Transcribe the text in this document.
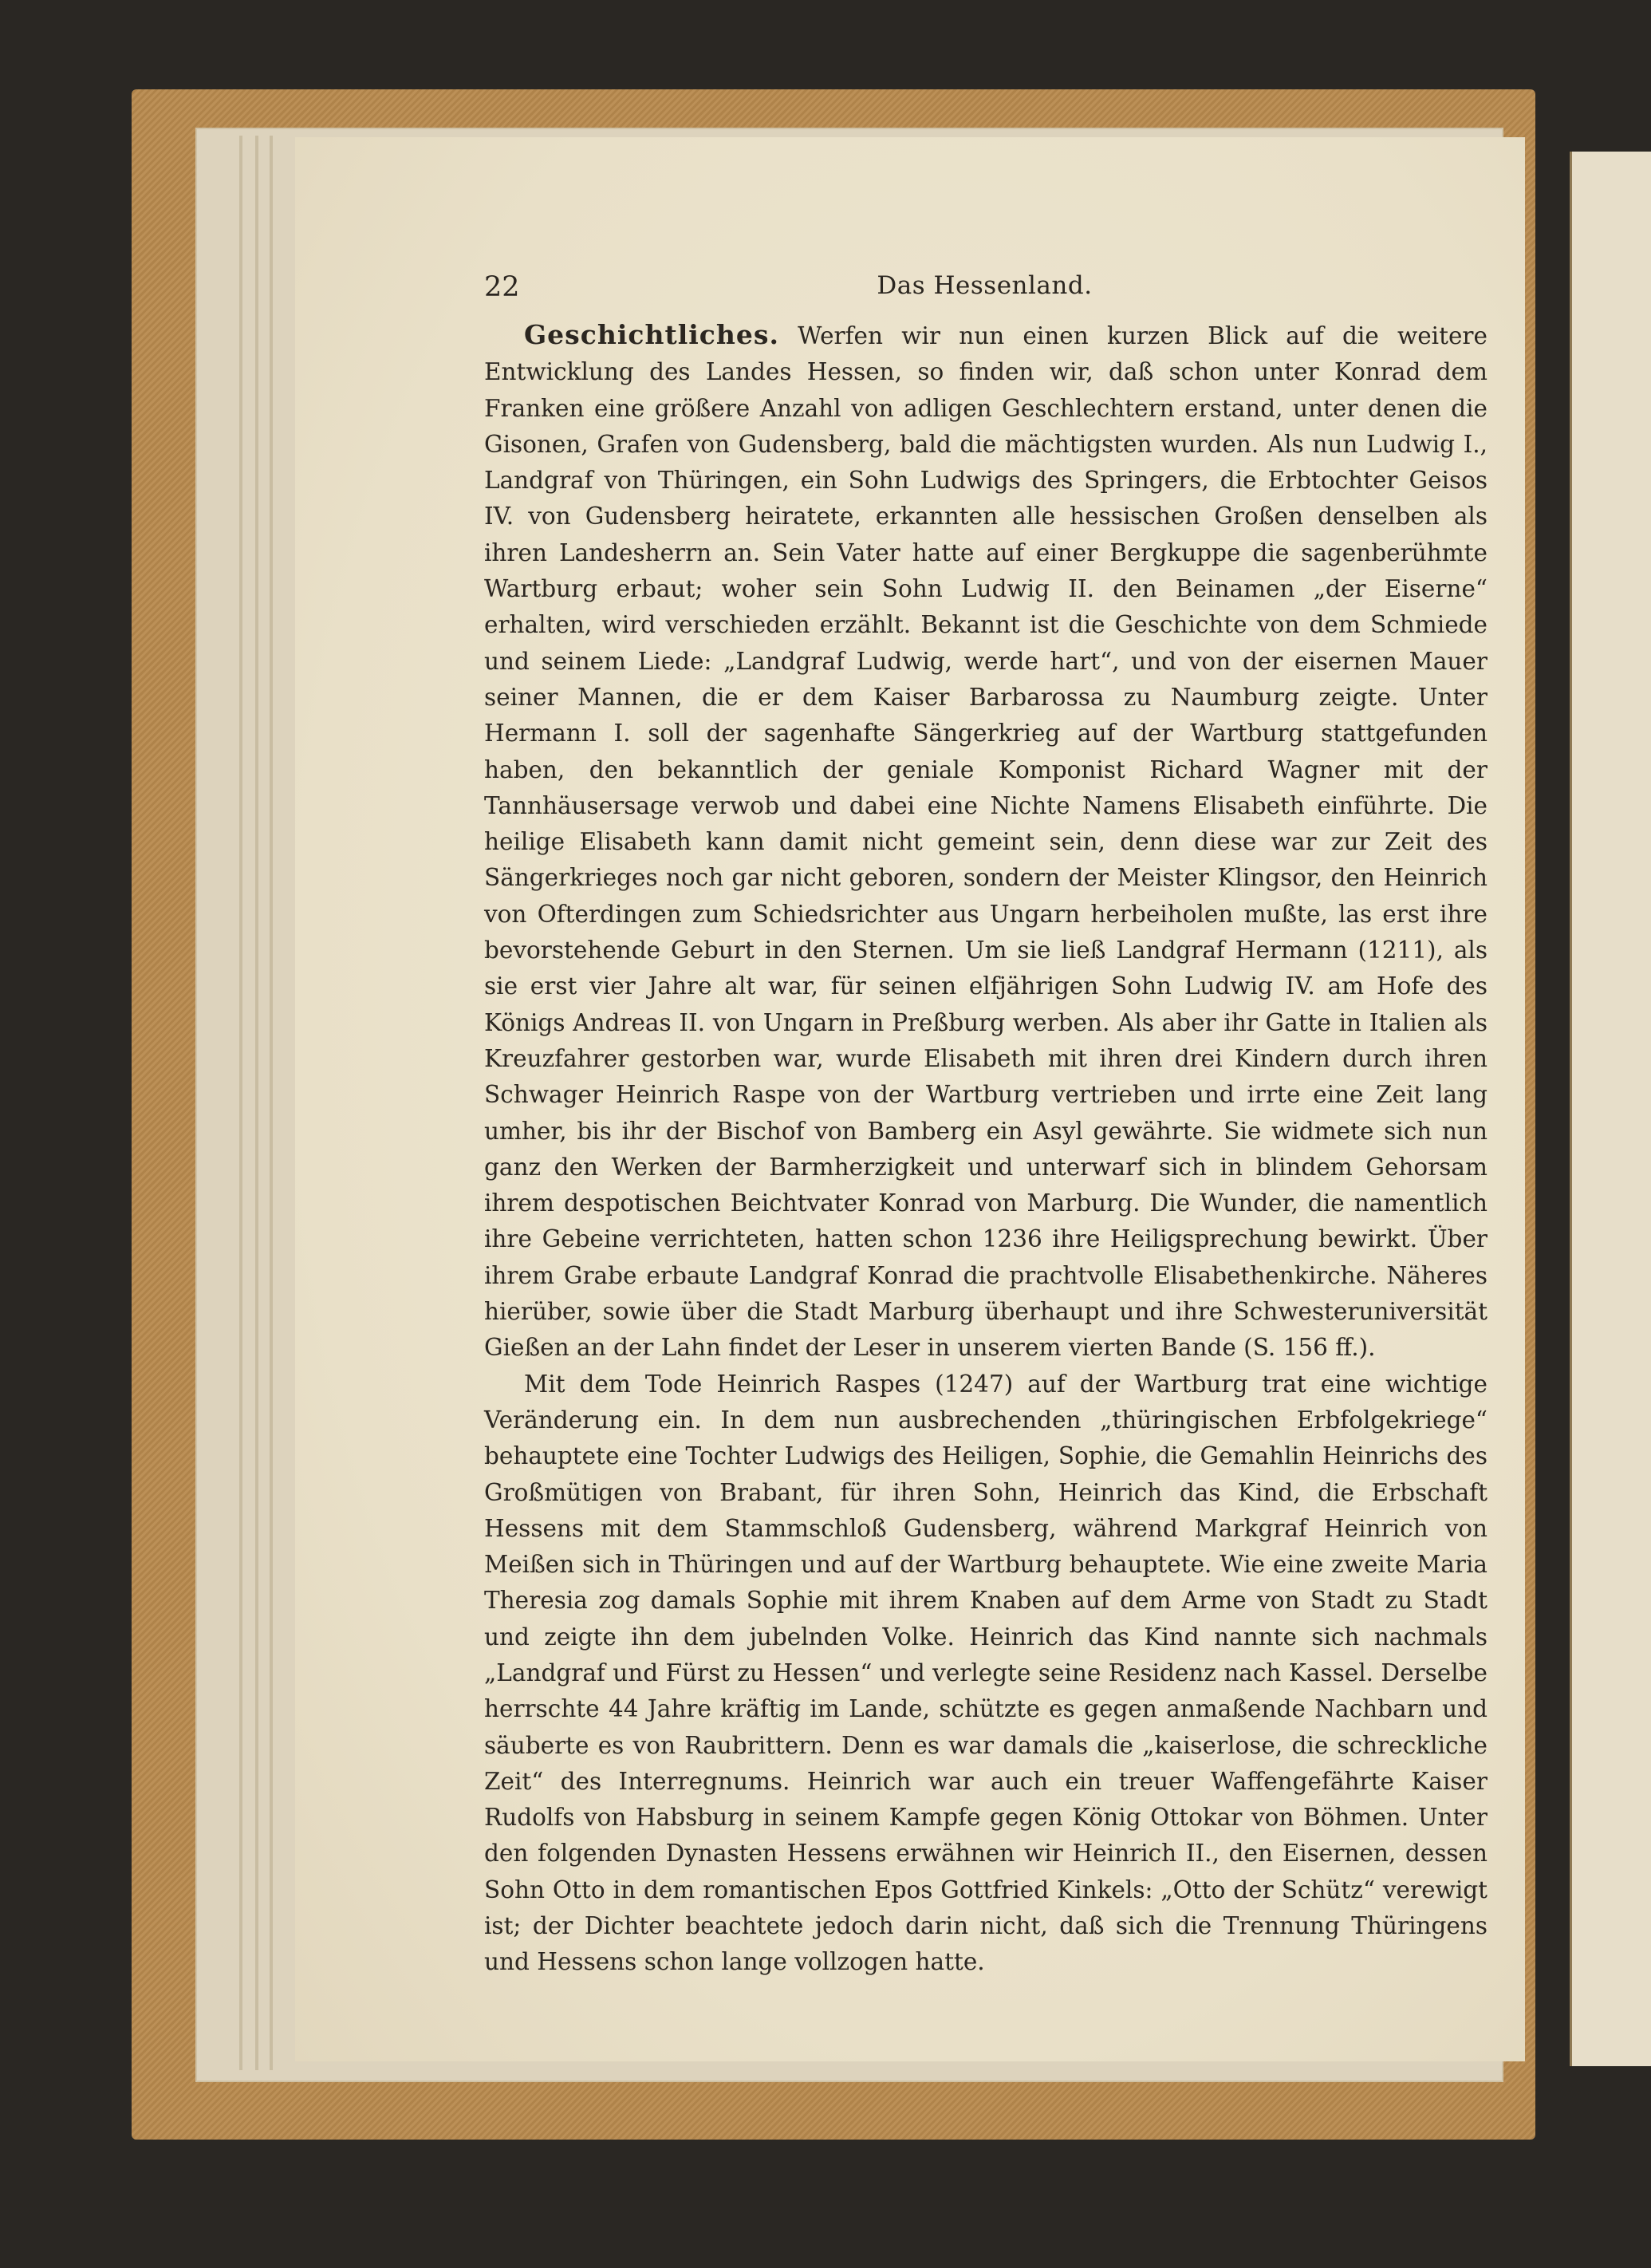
22	Das Hessenland.

Geschichtliches. Werfen wir nun einen kurzen Blick auf die weitere Entwicklung des Landes Hessen, so finden wir, daß schon unter Konrad dem Franken eine größere Anzahl von adligen Geschlechtern erstand, unter denen die Gisonen, Grafen von Gudensberg, bald die mächtigsten wurden. Als nun Ludwig I., Landgraf von Thüringen, ein Sohn Ludwigs des Springers, die Erbtochter Geisos IV. von Gudensberg heiratete, erkannten alle hessischen Großen denselben als ihren Landesherrn an. Sein Vater hatte auf einer Bergkuppe die sagenberühmte Wartburg erbaut; woher sein Sohn Ludwig II. den Beinamen „der Eiserne“ erhalten, wird verschieden erzählt. Bekannt ist die Geschichte von dem Schmiede und seinem Liede: „Landgraf Ludwig, werde hart“, und von der eisernen Mauer seiner Mannen, die er dem Kaiser Barbarossa zu Naumburg zeigte. Unter Hermann I. soll der sagenhafte Sängerkrieg auf der Wartburg stattgefunden haben, den bekanntlich der geniale Komponist Richard Wagner mit der Tannhäusersage verwob und dabei eine Nichte Namens Elisabeth einführte. Die heilige Elisabeth kann damit nicht gemeint sein, denn diese war zur Zeit des Sängerkrieges noch gar nicht geboren, sondern der Meister Klingsor, den Heinrich von Ofterdingen zum Schiedsrichter aus Ungarn herbeiholen mußte, las erst ihre bevorstehende Geburt in den Sternen. Um sie ließ Landgraf Hermann (1211), als sie erst vier Jahre alt war, für seinen elfjährigen Sohn Ludwig IV. am Hofe des Königs Andreas II. von Ungarn in Preßburg werben. Als aber ihr Gatte in Italien als Kreuzfahrer gestorben war, wurde Elisabeth mit ihren drei Kindern durch ihren Schwager Heinrich Raspe von der Wartburg vertrieben und irrte eine Zeit lang umher, bis ihr der Bischof von Bamberg ein Asyl gewährte. Sie widmete sich nun ganz den Werken der Barmherzigkeit und unterwarf sich in blindem Gehorsam ihrem despotischen Beichtvater Konrad von Marburg. Die Wunder, die namentlich ihre Gebeine verrichteten, hatten schon 1236 ihre Heiligsprechung bewirkt. Über ihrem Grabe erbaute Landgraf Konrad die prachtvolle Elisabethenkirche. Näheres hierüber, sowie über die Stadt Marburg überhaupt und ihre Schwesteruniversität Gießen an der Lahn findet der Leser in unserem vierten Bande (S. 156 ff.).

Mit dem Tode Heinrich Raspes (1247) auf der Wartburg trat eine wichtige Veränderung ein. In dem nun ausbrechenden „thüringischen Erbfolgekriege“ behauptete eine Tochter Ludwigs des Heiligen, Sophie, die Gemahlin Heinrichs des Großmütigen von Brabant, für ihren Sohn, Heinrich das Kind, die Erbschaft Hessens mit dem Stammschloß Gudensberg, während Markgraf Heinrich von Meißen sich in Thüringen und auf der Wartburg behauptete. Wie eine zweite Maria Theresia zog damals Sophie mit ihrem Knaben auf dem Arme von Stadt zu Stadt und zeigte ihn dem jubelnden Volke. Heinrich das Kind nannte sich nachmals „Landgraf und Fürst zu Hessen“ und verlegte seine Residenz nach Kassel. Derselbe herrschte 44 Jahre kräftig im Lande, schützte es gegen anmaßende Nachbarn und säuberte es von Raubrittern. Denn es war damals die „kaiserlose, die schreckliche Zeit“ des Interregnums. Heinrich war auch ein treuer Waffengefährte Kaiser Rudolfs von Habsburg in seinem Kampfe gegen König Ottokar von Böhmen. Unter den folgenden Dynasten Hessens erwähnen wir Heinrich II., den Eisernen, dessen Sohn Otto in dem romantischen Epos Gottfried Kinkels: „Otto der Schütz“ verewigt ist; der Dichter beachtete jedoch darin nicht, daß sich die Trennung Thüringens und Hessens schon lange vollzogen hatte.
